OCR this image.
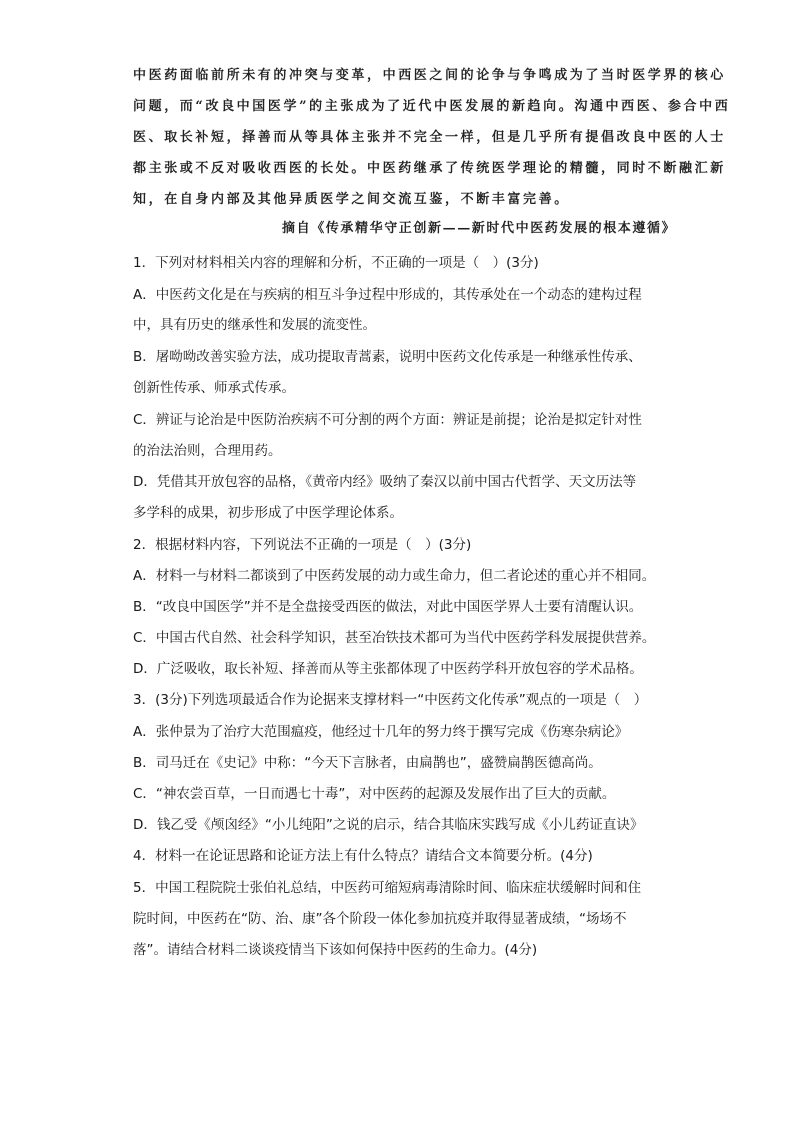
中医药面临前所未有的冲突与变革，中西医之间的论争与争鸣成为了当时医学界的核心
问题，而“改良中国医学”的主张成为了近代中医发展的新趋向。沟通中西医、参合中西
医、取长补短，择善而从等具体主张并不完全一样，但是几乎所有提倡改良中医的人士
都主张或不反对吸收西医的长处。中医药继承了传统医学理论的精髓，同时不断融汇新
知，在自身内部及其他异质医学之间交流互鉴，不断丰富完善。
摘自《传承精华守正创新——新时代中医药发展的根本遵循》
1．下列对材料相关内容的理解和分析，不正确的一项是（　）(3分)
A．中医药文化是在与疾病的相互斗争过程中形成的，其传承处在一个动态的建构过程
中，具有历史的继承性和发展的流变性。
B．屠呦呦改善实验方法，成功提取青蒿素，说明中医药文化传承是一种继承性传承、
创新性传承、师承式传承。
C．辨证与论治是中医防治疾病不可分割的两个方面：辨证是前提；论治是拟定针对性
的治法治则，合理用药。
D．凭借其开放包容的品格，《黄帝内经》吸纳了秦汉以前中国古代哲学、天文历法等
多学科的成果，初步形成了中医学理论体系。
2．根据材料内容，下列说法不正确的一项是（　）(3分)
A．材料一与材料二都谈到了中医药发展的动力或生命力，但二者论述的重心并不相同。
B．“改良中国医学”并不是全盘接受西医的做法，对此中国医学界人士要有清醒认识。
C．中国古代自然、社会科学知识，甚至冶铁技术都可为当代中医药学科发展提供营养。
D．广泛吸收，取长补短、择善而从等主张都体现了中医药学科开放包容的学术品格。
3．(3分)下列选项最适合作为论据来支撑材料一“中医药文化传承”观点的一项是（　）
A．张仲景为了治疗大范围瘟疫，他经过十几年的努力终于撰写完成《伤寒杂病论》
B．司马迁在《史记》中称：“今天下言脉者，由扁鹊也”，盛赞扁鹊医德高尚。
C．“神农尝百草，一日而遇七十毒”，对中医药的起源及发展作出了巨大的贡献。
D．钱乙受《颅囟经》“小儿纯阳”之说的启示，结合其临床实践写成《小儿药证直诀》
4．材料一在论证思路和论证方法上有什么特点？请结合文本简要分析。(4分)
5．中国工程院院士张伯礼总结，中医药可缩短病毒清除时间、临床症状缓解时间和住
院时间，中医药在“防、治、康”各个阶段一体化参加抗疫并取得显著成绩，“场场不
落”。请结合材料二谈谈疫情当下该如何保持中医药的生命力。(4分)
